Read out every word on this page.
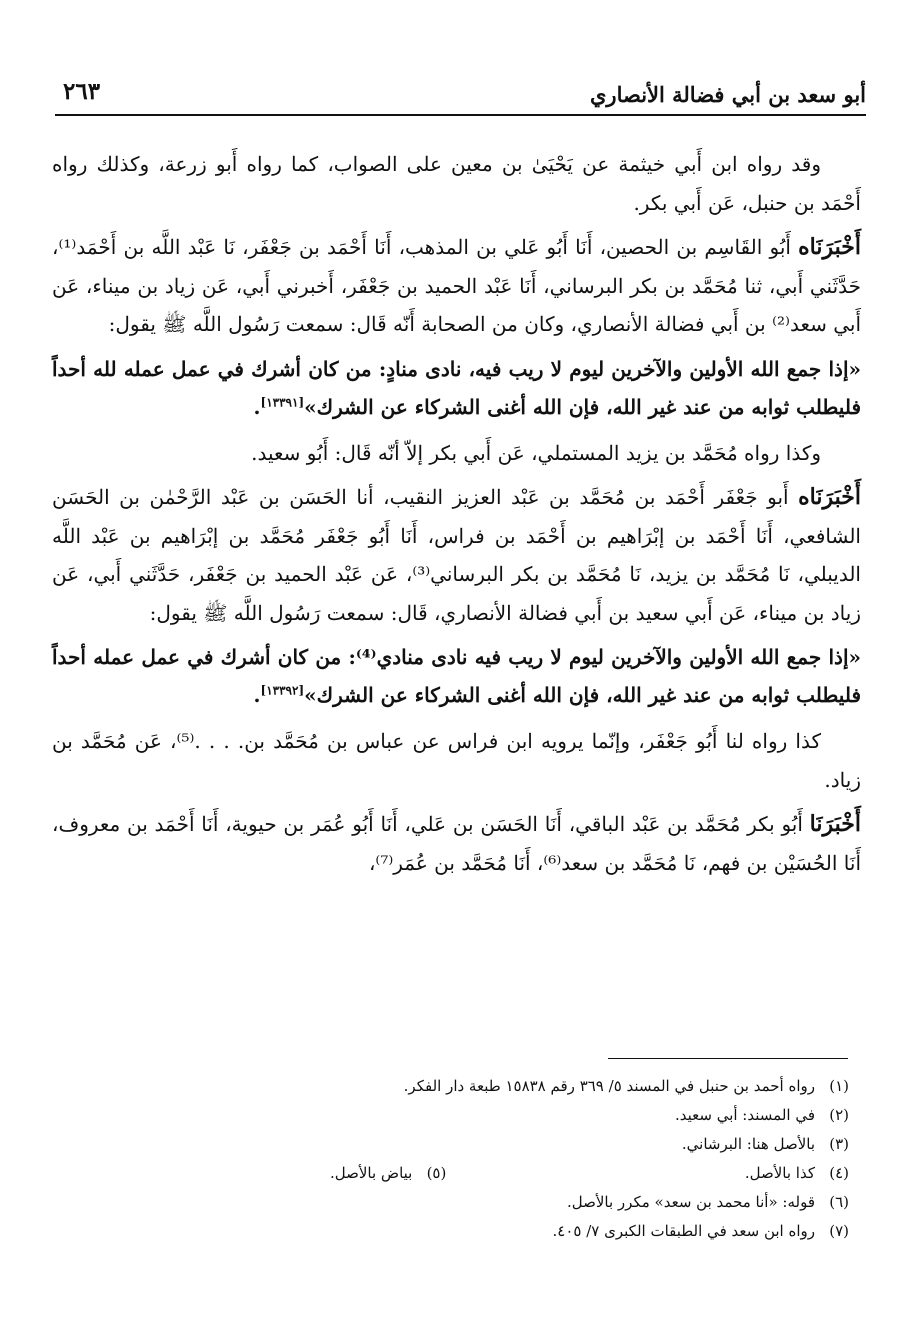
أبو سعد بن أبي فضالة الأنصاري
٢٦٣

وقد رواه ابن أَبي خيثمة عن يَحْيَىٰ بن معين على الصواب، كما رواه أَبو زرعة، وكذلك رواه أَحْمَد بن حنبل، عَن أَبي بكر.

أَخْبَرَنَاه أَبُو القَاسِم بن الحصين، أَنَا أَبُو عَلي بن المذهب، أَنَا أَحْمَد بن جَعْفَر، نَا عَبْد اللَّه بن أَحْمَد⁽¹⁾، حَدَّثَني أَبي، ثنا مُحَمَّد بن بكر البرساني، أَنَا عَبْد الحميد بن جَعْفَر، أَخبرني أَبي، عَن زياد بن ميناء، عَن أَبي سعد⁽²⁾ بن أَبي فضالة الأنصاري، وكان من الصحابة أَنّه قَال: سمعت رَسُول اللَّه ﷺ يقول:

«إذا جمع الله الأولين والآخرين ليوم لا ريب فيه، نادى منادٍ: من كان أشرك في عمل عمله لله أحداً فليطلب ثوابه من عند غير الله، فإن الله أغنى الشركاء عن الشرك»[١٣٣٩١].

وكذا رواه مُحَمَّد بن يزيد المستملي، عَن أَبي بكر إلاّ أنّه قَال: أَبُو سعيد.

أَخْبَرَنَاه أَبو جَعْفَر أَحْمَد بن مُحَمَّد بن عَبْد العزيز النقيب، أنا الحَسَن بن عَبْد الرَّحْمٰن بن الحَسَن الشافعي، أَنَا أَحْمَد بن إبْرَاهيم بن أَحْمَد بن فراس، أَنَا أَبُو جَعْفَر مُحَمَّد بن إبْرَاهيم بن عَبْد اللَّه الديبلي، نَا مُحَمَّد بن يزيد، نَا مُحَمَّد بن بكر البرساني⁽³⁾، عَن عَبْد الحميد بن جَعْفَر، حَدَّثَني أَبي، عَن زياد بن ميناء، عَن أَبي سعيد بن أَبي فضالة الأنصاري، قَال: سمعت رَسُول اللَّه ﷺ يقول:

«إذا جمع الله الأولين والآخرين ليوم لا ريب فيه نادى منادي⁽⁴⁾: من كان أشرك في عمل عمله أحداً فليطلب ثوابه من عند غير الله، فإن الله أغنى الشركاء عن الشرك»[١٣٣٩٢].

كذا رواه لنا أَبُو جَعْفَر، وإنّما يرويه ابن فراس عن عباس بن مُحَمَّد بن. . . .⁽⁵⁾، عَن مُحَمَّد بن زياد.

أَخْبَرَنَا أَبُو بكر مُحَمَّد بن عَبْد الباقي، أَنَا الحَسَن بن عَلي، أَنَا أَبُو عُمَر بن حيوية، أَنَا أَحْمَد بن معروف، أَنَا الحُسَيْن بن فهم، نَا مُحَمَّد بن سعد⁽⁶⁾، أَنَا مُحَمَّد بن عُمَر⁽⁷⁾،

(١)رواه أحمد بن حنبل في المسند ٥/ ٣٦٩ رقم ١٥٨٣٨ طبعة دار الفكر.
(٢)في المسند: أبي سعيد.
(٣)بالأصل هنا: البرشاني.
(٤)كذا بالأصل.
(٥)بياض بالأصل.
(٦)قوله: «أنا محمد بن سعد» مكرر بالأصل.
(٧)رواه ابن سعد في الطبقات الكبرى ٧/ ٤٠٥.
